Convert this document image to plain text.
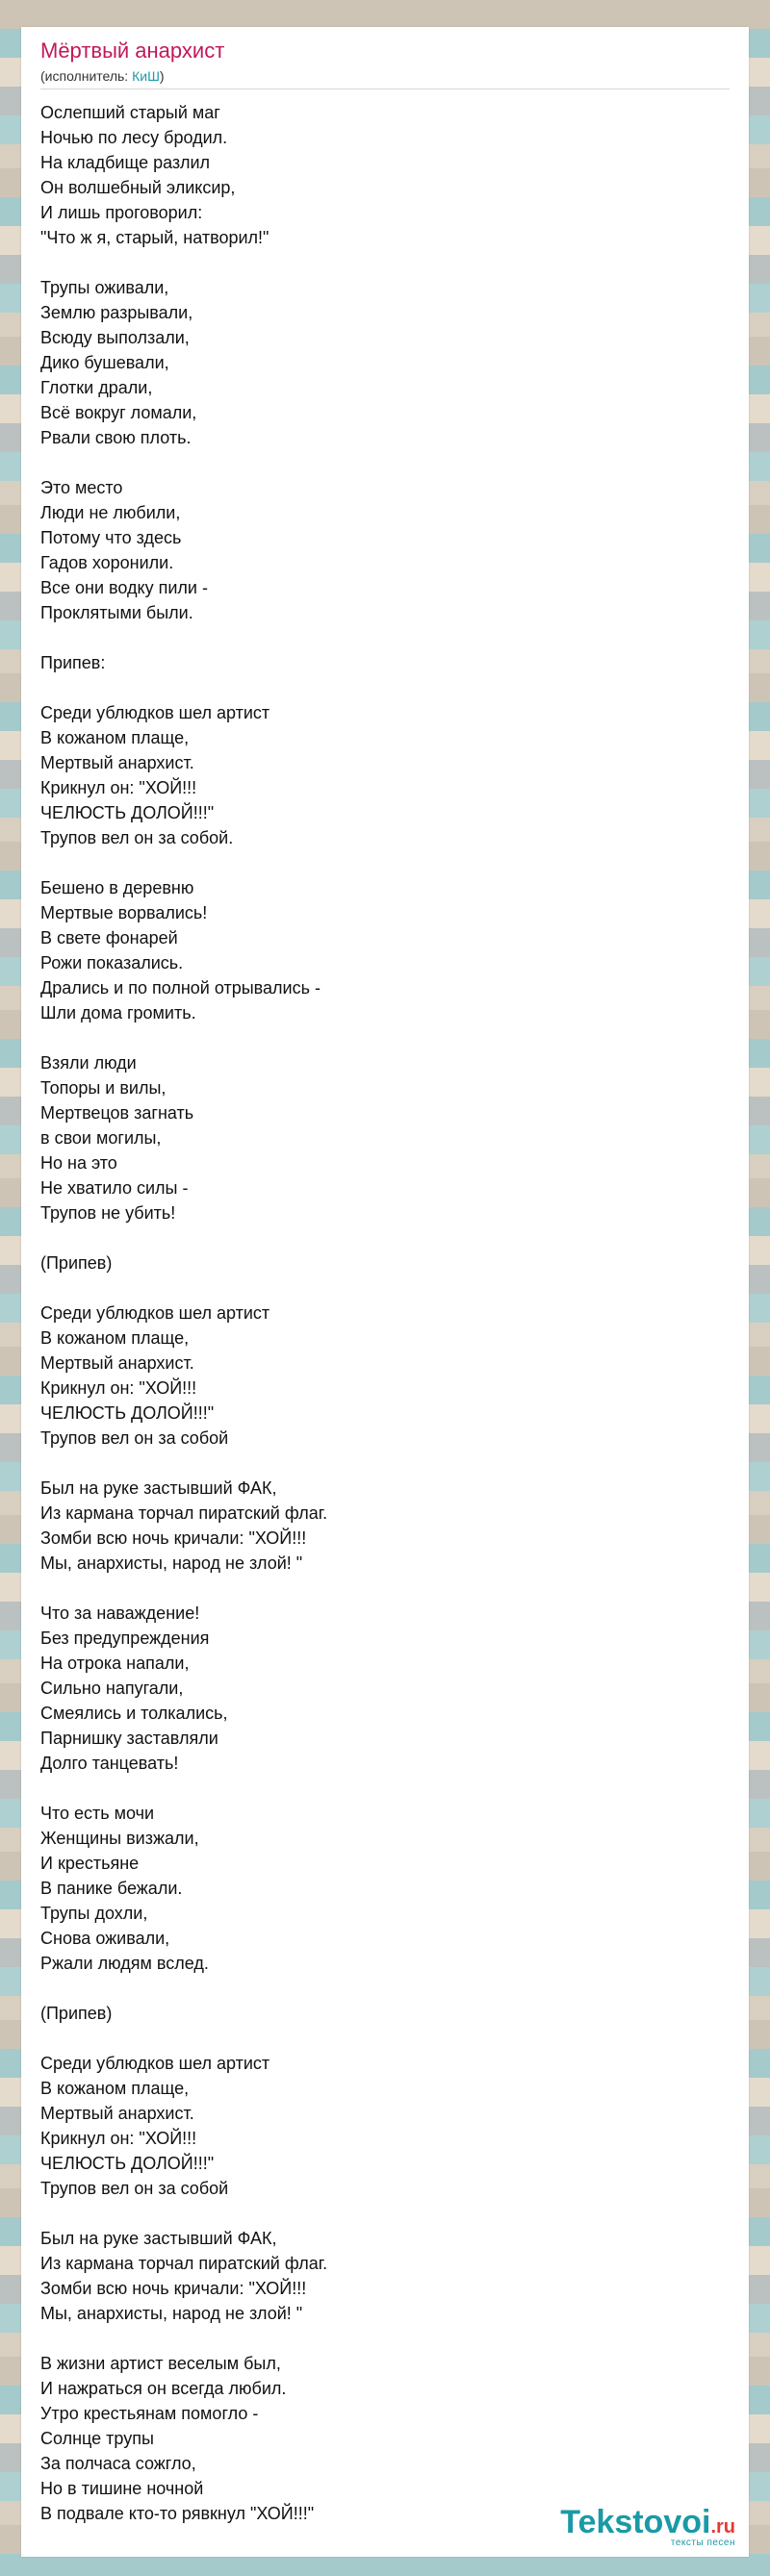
Мёртвый анархист
(исполнитель: КиШ)
Ослепший старый маг
Ночью по лесу бродил.
На кладбище разлил
Он волшебный эликсир,
И лишь проговорил:
"Что ж я, старый, натворил!"

Трупы оживали,
Землю разрывали,
Всюду выползали,
Дико бушевали,
Глотки драли,
Всё вокруг ломали,
Рвали свою плоть.

Это место
Люди не любили,
Потому что здесь
Гадов хоронили.
Все они водку пили -
Проклятыми были.

Припев:

Среди ублюдков шел артист
В кожаном плаще,
Мертвый анархист.
Крикнул он: "ХОЙ!!!
ЧЕЛЮСТЬ ДОЛОЙ!!!"
Трупов вел он за собой.

Бешено в деревню
Мертвые ворвались!
В свете фонарей
Рожи показались.
Дрались и по полной отрывались -
Шли дома громить.

Взяли люди
Топоры и вилы,
Мертвецов загнать
в свои могилы,
Но на это
Не хватило силы -
Трупов не убить!

(Припев)

Среди ублюдков шел артист
В кожаном плаще,
Мертвый анархист.
Крикнул он: "ХОЙ!!!
ЧЕЛЮСТЬ ДОЛОЙ!!!"
Трупов вел он за собой

Был на руке застывший ФАК,
Из кармана торчал пиратский флаг.
Зомби всю ночь кричали: "ХОЙ!!!
Мы, анархисты, народ не злой! "

Что за наваждение!
Без предупреждения
На отрока напали,
Сильно напугали,
Смеялись и толкались,
Парнишку заставляли
Долго танцевать!

Что есть мочи
Женщины визжали,
И крестьяне
В панике бежали.
Трупы дохли,
Снова оживали,
Ржали людям вслед.

(Припев)

Среди ублюдков шел артист
В кожаном плаще,
Мертвый анархист.
Крикнул он: "ХОЙ!!!
ЧЕЛЮСТЬ ДОЛОЙ!!!"
Трупов вел он за собой

Был на руке застывший ФАК,
Из кармана торчал пиратский флаг.
Зомби всю ночь кричали: "ХОЙ!!!
Мы, анархисты, народ не злой! "

В жизни артист веселым был,
И нажраться он всегда любил.
Утро крестьянам помогло -
Солнце трупы
За полчаса сожгло,
Но в тишине ночной
В подвале кто-то рявкнул "ХОЙ!!!"	Tekstovoi.ru
тексты песен
